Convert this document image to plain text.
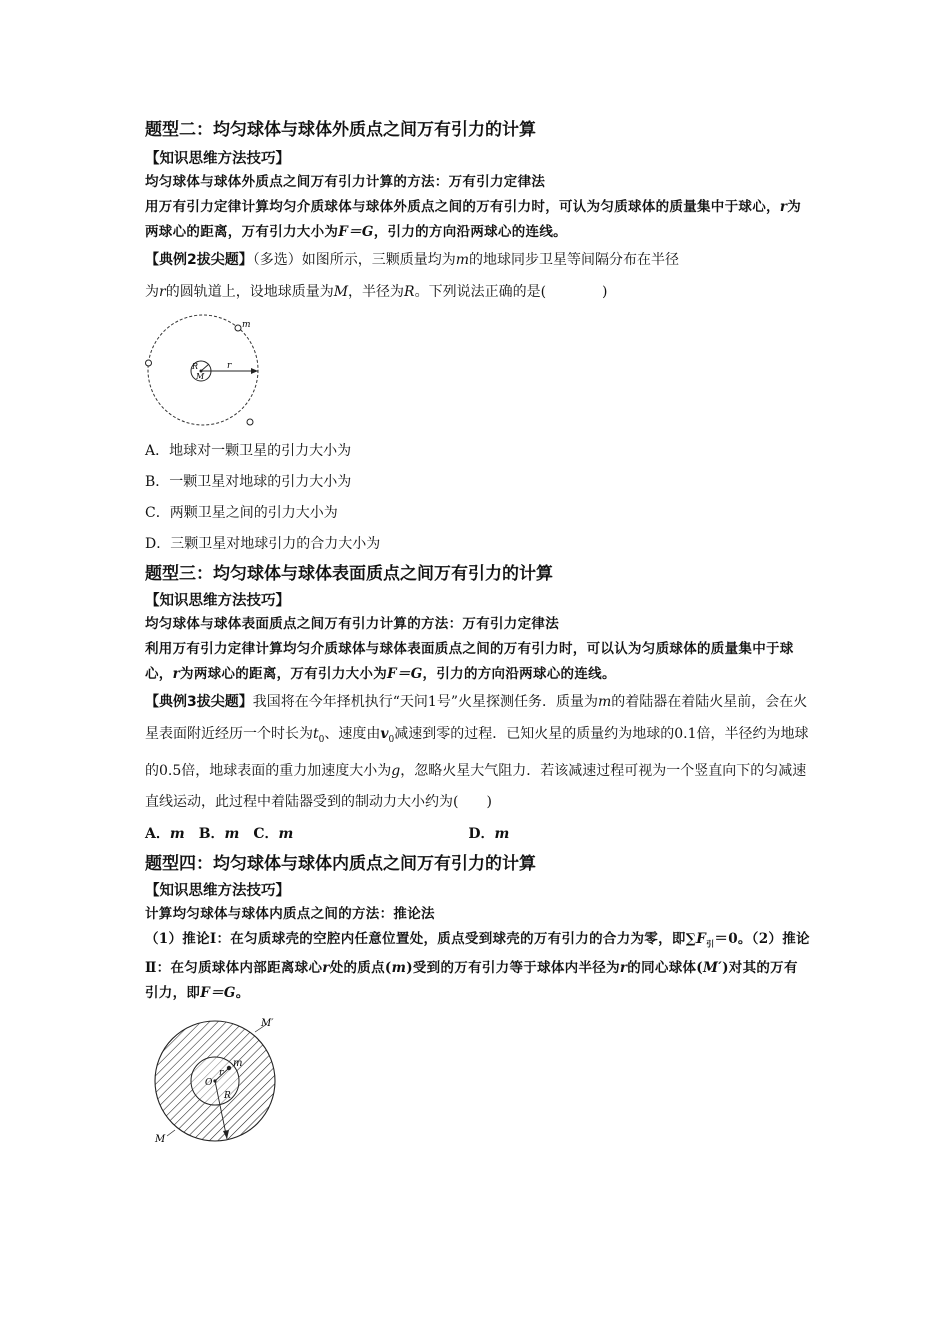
题型二：均匀球体与球体外质点之间万有引力的计算

【知识思维方法技巧】

均匀球体与球体外质点之间万有引力计算的方法：万有引力定律法

用万有引力定律计算均匀介质球体与球体外质点之间的万有引力时，可认为匀质球体的质量集中于球心，r为两球心的距离，万有引力大小为F＝G，引力的方向沿两球心的连线。

【典例2拔尖题】（多选）如图所示，三颗质量均为m的地球同步卫星等间隔分布在半径
为r的圆轨道上，设地球质量为M，半径为R。下列说法正确的是(　　　　)

m
R
M
r

A．地球对一颗卫星的引力大小为

B．一颗卫星对地球的引力大小为

C．两颗卫星之间的引力大小为

D．三颗卫星对地球引力的合力大小为

题型三：均匀球体与球体表面质点之间万有引力的计算

【知识思维方法技巧】

均匀球体与球体表面质点之间万有引力计算的方法：万有引力定律法

利用万有引力定律计算均匀介质球体与球体表面质点之间的万有引力时，可以认为匀质球体的质量集中于球心，r为两球心的距离，万有引力大小为F＝G，引力的方向沿两球心的连线。

【典例3拔尖题】我国将在今年择机执行“天问1号”火星探测任务．质量为m的着陆器在着陆火星前，会在火星表面附近经历一个时长为$t_0$、速度由$v_0$减速到零的过程．已知火星的质量约为地球的0.1倍，半径约为地球的0.5倍，地球表面的重力加速度大小为g，忽略火星大气阻力．若该减速过程可视为一个竖直向下的匀减速直线运动，此过程中着陆器受到的制动力大小约为(　　)

A．m　B．m　C．m	D．m

题型四：均匀球体与球体内质点之间万有引力的计算

【知识思维方法技巧】

计算均匀球体与球体内质点之间的方法：推论法

（1）推论Ⅰ：在匀质球壳的空腔内任意位置处，质点受到球壳的万有引力的合力为零，即$\sum F_引=0$。（2）推论Ⅱ：在匀质球体内部距离球心r处的质点(m)受到的万有引力等于球体内半径为r的同心球体(M′)对其的万有引力，即F＝G。

M′
m
r
O
R
M
